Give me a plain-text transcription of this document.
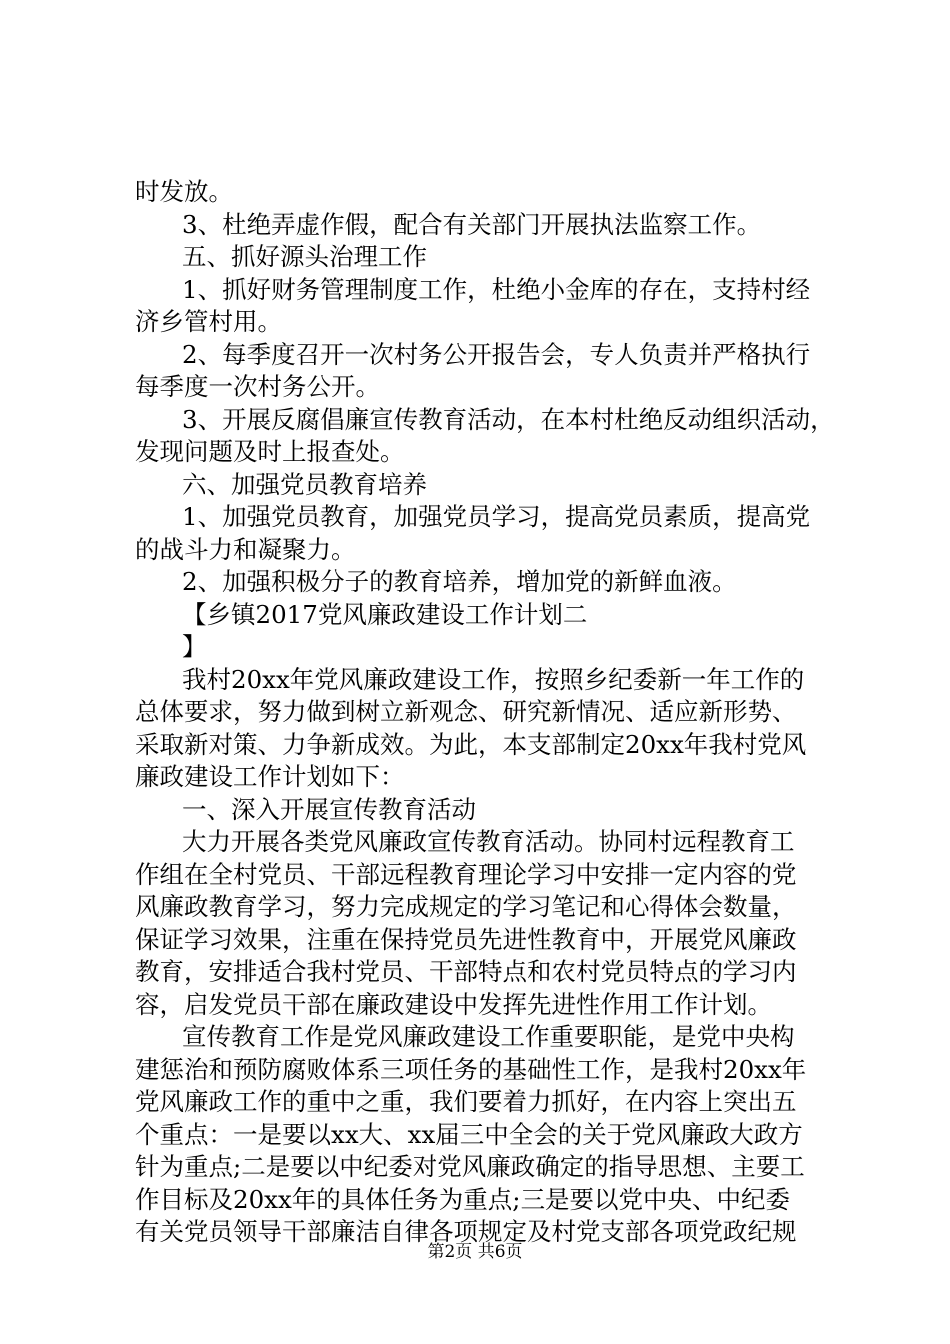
时发放。
3、杜绝弄虚作假，配合有关部门开展执法监察工作。
五、抓好源头治理工作
1、抓好财务管理制度工作，杜绝小金库的存在，支持村经
济乡管村用。
2、每季度召开一次村务公开报告会，专人负责并严格执行
每季度一次村务公开。
3、开展反腐倡廉宣传教育活动，在本村杜绝反动组织活动，
发现问题及时上报查处。
六、加强党员教育培养
1、加强党员教育，加强党员学习，提高党员素质，提高党
的战斗力和凝聚力。
2、加强积极分子的教育培养，增加党的新鲜血液。
【乡镇2017党风廉政建设工作计划二
】
我村20xx年党风廉政建设工作，按照乡纪委新一年工作的
总体要求，努力做到树立新观念、研究新情况、适应新形势、
采取新对策、力争新成效。为此，本支部制定20xx年我村党风
廉政建设工作计划如下：
一、深入开展宣传教育活动
大力开展各类党风廉政宣传教育活动。协同村远程教育工
作组在全村党员、干部远程教育理论学习中安排一定内容的党
风廉政教育学习，努力完成规定的学习笔记和心得体会数量，
保证学习效果，注重在保持党员先进性教育中，开展党风廉政
教育，安排适合我村党员、干部特点和农村党员特点的学习内
容，启发党员干部在廉政建设中发挥先进性作用工作计划。
宣传教育工作是党风廉政建设工作重要职能，是党中央构
建惩治和预防腐败体系三项任务的基础性工作，是我村20xx年
党风廉政工作的重中之重，我们要着力抓好，在内容上突出五
个重点：一是要以xx大、xx届三中全会的关于党风廉政大政方
针为重点;二是要以中纪委对党风廉政确定的指导思想、主要工
作目标及20xx年的具体任务为重点;三是要以党中央、中纪委
有关党员领导干部廉洁自律各项规定及村党支部各项党政纪规
第2页 共6页
